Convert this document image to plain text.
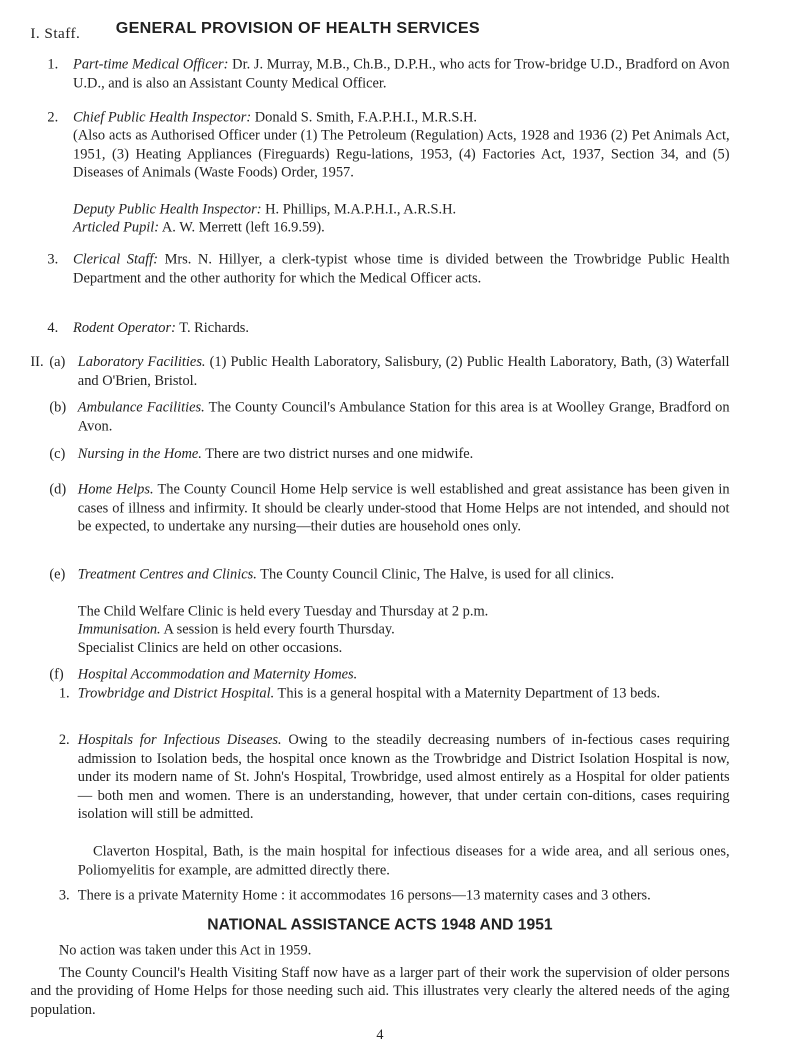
I. Staff. GENERAL PROVISION OF HEALTH SERVICES
1. Part-time Medical Officer: Dr. J. Murray, M.B., Ch.B., D.P.H., who acts for Trow-bridge U.D., Bradford on Avon U.D., and is also an Assistant County Medical Officer.

2. Chief Public Health Inspector: Donald S. Smith, F.A.P.H.I., M.R.S.H.

(Also acts as Authorised Officer under (1) The Petroleum (Regulation) Acts, 1928 and 1936 (2) Pet Animals Act, 1951, (3) Heating Appliances (Fireguards) Regu-lations, 1953, (4) Factories Act, 1937, Section 34, and (5) Diseases of Animals (Waste Foods) Order, 1957.

Deputy Public Health Inspector: H. Phillips, M.A.P.H.I., A.R.S.H.

Articled Pupil: A. W. Merrett (left 16.9.59).

3. Clerical Staff: Mrs. N. Hillyer, a clerk-typist whose time is divided between the Trowbridge Public Health Department and the other authority for which the Medical Officer acts.

4. Rodent Operator: T. Richards.

II. (a) Laboratory Facilities. (1) Public Health Laboratory, Salisbury, (2) Public Health Laboratory, Bath, (3) Waterfall and O'Brien, Bristol.

(b) Ambulance Facilities. The County Council's Ambulance Station for this area is at Woolley Grange, Bradford on Avon.

(c) Nursing in the Home. There are two district nurses and one midwife.

(d) Home Helps. The County Council Home Help service is well established and great assistance has been given in cases of illness and infirmity. It should be clearly under-stood that Home Helps are not intended, and should not be expected, to undertake any nursing—their duties are household ones only.

(e) Treatment Centres and Clinics. The County Council Clinic, The Halve, is used for all clinics.

The Child Welfare Clinic is held every Tuesday and Thursday at 2 p.m.

Immunisation. A session is held every fourth Thursday.

Specialist Clinics are held on other occasions.

(f) Hospital Accommodation and Maternity Homes.

1. Trowbridge and District Hospital. This is a general hospital with a Maternity Department of 13 beds.

2. Hospitals for Infectious Diseases. Owing to the steadily decreasing numbers of in-fectious cases requiring admission to Isolation beds, the hospital once known as the Trowbridge and District Isolation Hospital is now, under its modern name of St. John's Hospital, Trowbridge, used almost entirely as a Hospital for older patients — both men and women. There is an understanding, however, that under certain con-ditions, cases requiring isolation will still be admitted.

Claverton Hospital, Bath, is the main hospital for infectious diseases for a wide area, and all serious ones, Poliomyelitis for example, are admitted directly there.

3. There is a private Maternity Home : it accommodates 16 persons—13 maternity cases and 3 others.

NATIONAL ASSISTANCE ACTS 1948 AND 1951

No action was taken under this Act in 1959.

The County Council's Health Visiting Staff now have as a larger part of their work the supervision of older persons and the providing of Home Helps for those needing such aid. This illustrates very clearly the altered needs of the aging population.

4
